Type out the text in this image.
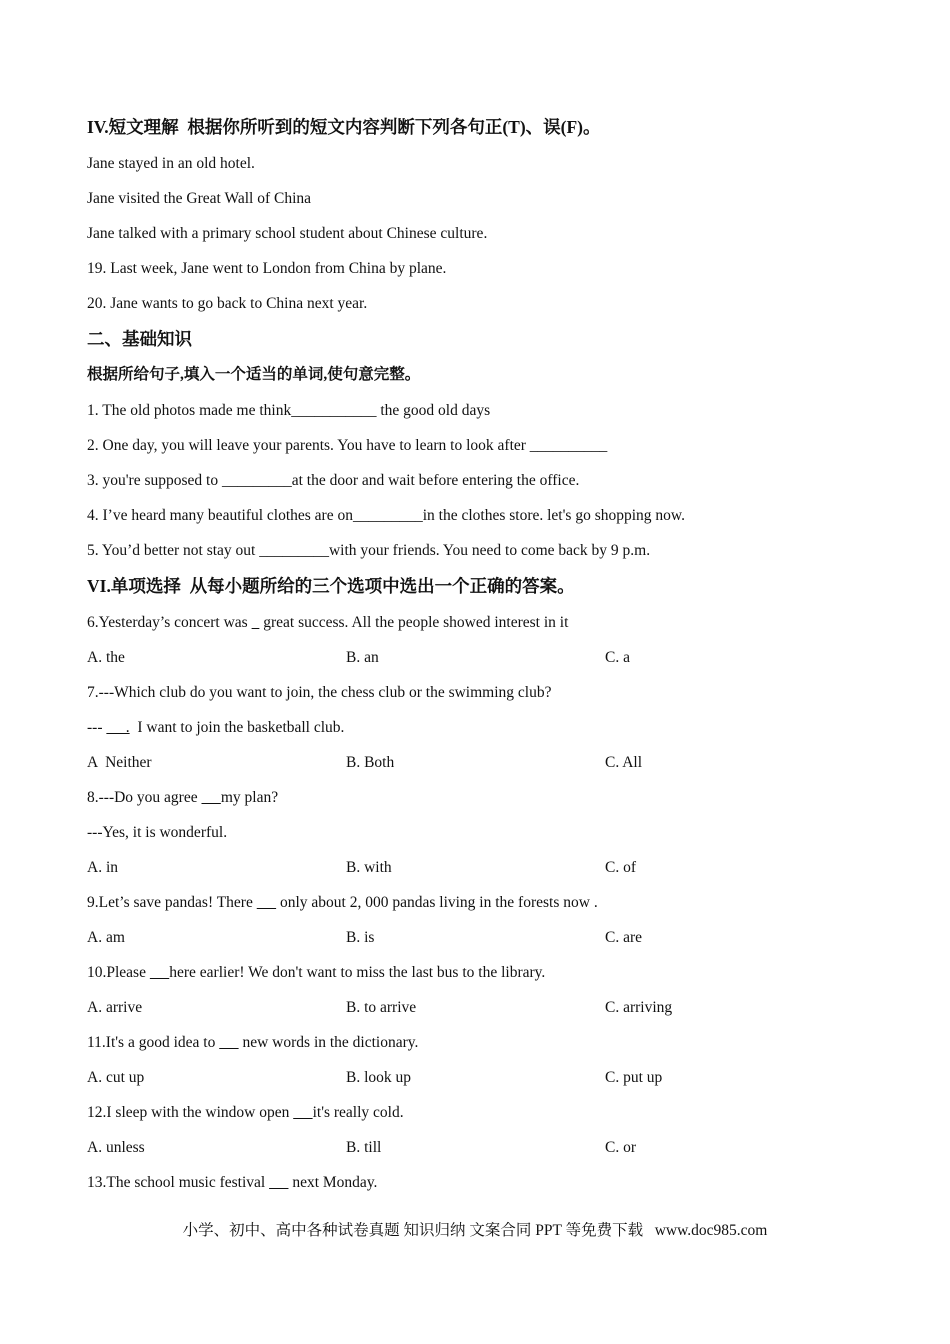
IV.短文理解  根据你所听到的短文内容判断下列各句正(T)、误(F)。
Jane stayed in an old hotel.
Jane visited the Great Wall of China
Jane talked with a primary school student about Chinese culture.
19. Last week, Jane went to London from China by plane.
20. Jane wants to go back to China next year.
二、基础知识
根据所给句子,填入一个适当的单词,使句意完整。
1. The old photos made me think___________ the good old days
2. One day, you will leave your parents. You have to learn to look after __________
3. you're supposed to _________at the door and wait before entering the office.
4. I’ve heard many beautiful clothes are on_________in the clothes store. let's go shopping now.
5. You’d better not stay out _________with your friends. You need to come back by 9 p.m.
VI.单项选择  从每小题所给的三个选项中选出一个正确的答案。
6.Yesterday’s concert was    great success. All the people showed interest in it
A. the	B. an	C. a
7.---Which club do you want to join, the chess club or the swimming club?
---      .  I want to join the basketball club.
A  Neither	B. Both	C. All
8.---Do you agree      my plan?
---Yes, it is wonderful.
A. in	B. with	C. of
9.Let’s save pandas! There       only about 2, 000 pandas living in the forests now .
A. am	B. is	C. are
10.Please      here earlier! We don't want to miss the last bus to the library.
A. arrive	B. to arrive	C. arriving
11.It's a good idea to       new words in the dictionary.
A. cut up	B. look up	C. put up
12.I sleep with the window open      it's really cold.
A. unless	B. till	C. or
13.The school music festival       next Monday.
小学、初中、高中各种试卷真题 知识归纳 文案合同 PPT 等免费下载   www.doc985.com
